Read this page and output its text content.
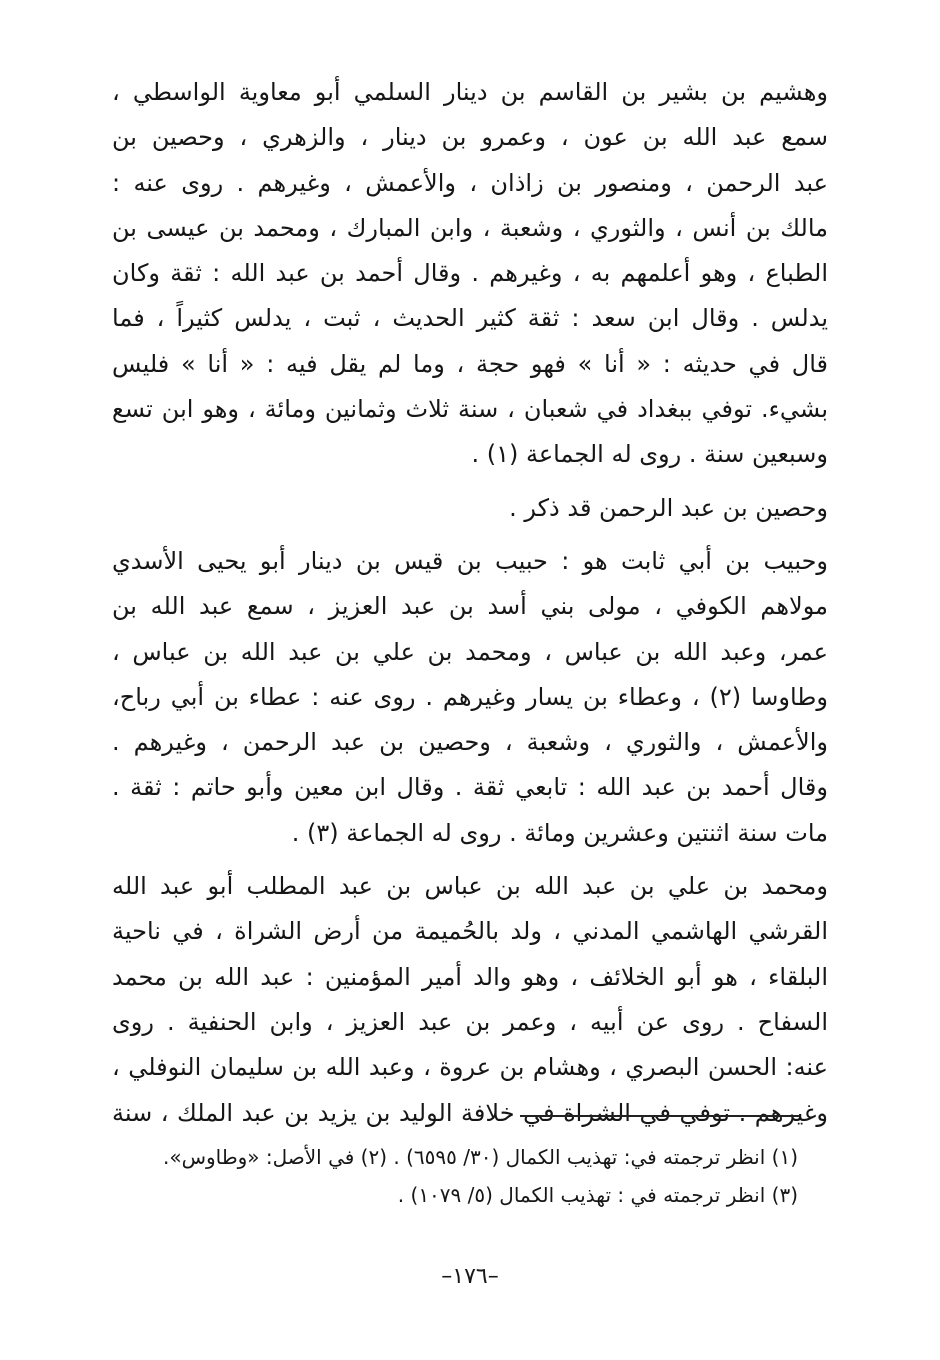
وهشيم بن بشير بن القاسم بن دينار السلمي أبو معاوية الواسطي ،
سمع عبد الله بن عون ، وعمرو بن دينار ، والزهري ، وحصين بن
عبد الرحمن ، ومنصور بن زاذان ، والأعمش ، وغيرهم . روى عنه :
مالك بن أنس ، والثوري ، وشعبة ، وابن المبارك ، ومحمد بن عيسى بن
الطباع ، وهو أعلمهم به ، وغيرهم . وقال أحمد بن عبد الله : ثقة وكان
يدلس . وقال ابن سعد : ثقة كثير الحديث ، ثبت ، يدلس كثيراً ، فما
قال في حديثه : « أنا » فهو حجة ، وما لم يقل فيه : « أنا » فليس
بشيء. توفي ببغداد في شعبان ، سنة ثلاث وثمانين ومائة ، وهو ابن تسع
وسبعين سنة . روى له الجماعة (١) .

وحصين بن عبد الرحمن قد ذكر .

وحبيب بن أبي ثابت هو : حبيب بن قيس بن دينار أبو يحيى الأسدي
مولاهم الكوفي ، مولى بني أسد بن عبد العزيز ، سمع عبد الله بن
عمر، وعبد الله بن عباس ، ومحمد بن علي بن عبد الله بن عباس ،
وطاوسا (٢) ، وعطاء بن يسار وغيرهم . روى عنه : عطاء بن أبي رباح،
والأعمش ، والثوري ، وشعبة ، وحصين بن عبد الرحمن ، وغيرهم .
وقال أحمد بن عبد الله : تابعي ثقة . وقال ابن معين وأبو حاتم : ثقة .
مات سنة اثنتين وعشرين ومائة . روى له الجماعة (٣) .

ومحمد بن علي بن عبد الله بن عباس بن عبد المطلب أبو عبد الله
القرشي الهاشمي المدني ، ولد بالحُميمة من أرض الشراة ، في ناحية
البلقاء ، هو أبو الخلائف ، وهو والد أمير المؤمنين : عبد الله بن محمد
السفاح . روى عن أبيه ، وعمر بن عبد العزيز ، وابن الحنفية . روى
عنه: الحسن البصري ، وهشام بن عروة ، وعبد الله بن سليمان النوفلي ،
وغيرهم . توفي في الشراة في خلافة الوليد بن يزيد بن عبد الملك ، سنة

(١) انظر ترجمته في: تهذيب الكمال (٣٠/ ٦٥٩٥) . (٢) في الأصل: «وطاوس».
(٣) انظر ترجمته في : تهذيب الكمال (٥/ ١٠٧٩) .
–١٧٦–
